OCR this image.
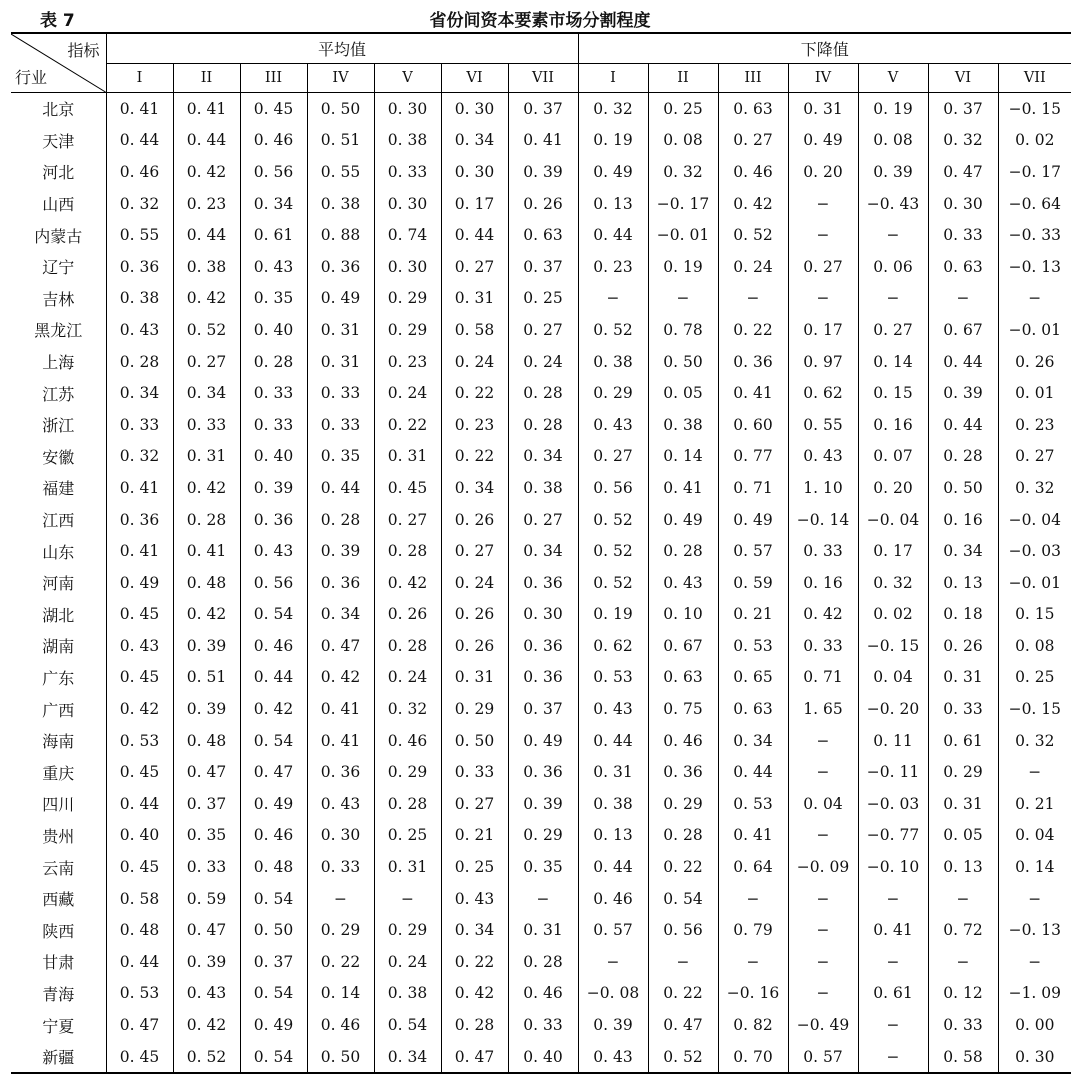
表 7	省份间资本要素市场分割程度
指标
行业	平均值							下降值						
	I	II	III	IV	V	VI	VII	I	II	III	IV	V	VI	VII
北京	0. 41	0. 41	0. 45	0. 50	0. 30	0. 30	0. 37	0. 32	0. 25	0. 63	0. 31	0. 19	0. 37	−0. 15
天津	0. 44	0. 44	0. 46	0. 51	0. 38	0. 34	0. 41	0. 19	0. 08	0. 27	0. 49	0. 08	0. 32	0. 02
河北	0. 46	0. 42	0. 56	0. 55	0. 33	0. 30	0. 39	0. 49	0. 32	0. 46	0. 20	0. 39	0. 47	−0. 17
山西	0. 32	0. 23	0. 34	0. 38	0. 30	0. 17	0. 26	0. 13	−0. 17	0. 42	−	−0. 43	0. 30	−0. 64
内蒙古	0. 55	0. 44	0. 61	0. 88	0. 74	0. 44	0. 63	0. 44	−0. 01	0. 52	−	−	0. 33	−0. 33
辽宁	0. 36	0. 38	0. 43	0. 36	0. 30	0. 27	0. 37	0. 23	0. 19	0. 24	0. 27	0. 06	0. 63	−0. 13
吉林	0. 38	0. 42	0. 35	0. 49	0. 29	0. 31	0. 25	−	−	−	−	−	−	−
黑龙江	0. 43	0. 52	0. 40	0. 31	0. 29	0. 58	0. 27	0. 52	0. 78	0. 22	0. 17	0. 27	0. 67	−0. 01
上海	0. 28	0. 27	0. 28	0. 31	0. 23	0. 24	0. 24	0. 38	0. 50	0. 36	0. 97	0. 14	0. 44	0. 26
江苏	0. 34	0. 34	0. 33	0. 33	0. 24	0. 22	0. 28	0. 29	0. 05	0. 41	0. 62	0. 15	0. 39	0. 01
浙江	0. 33	0. 33	0. 33	0. 33	0. 22	0. 23	0. 28	0. 43	0. 38	0. 60	0. 55	0. 16	0. 44	0. 23
安徽	0. 32	0. 31	0. 40	0. 35	0. 31	0. 22	0. 34	0. 27	0. 14	0. 77	0. 43	0. 07	0. 28	0. 27
福建	0. 41	0. 42	0. 39	0. 44	0. 45	0. 34	0. 38	0. 56	0. 41	0. 71	1. 10	0. 20	0. 50	0. 32
江西	0. 36	0. 28	0. 36	0. 28	0. 27	0. 26	0. 27	0. 52	0. 49	0. 49	−0. 14	−0. 04	0. 16	−0. 04
山东	0. 41	0. 41	0. 43	0. 39	0. 28	0. 27	0. 34	0. 52	0. 28	0. 57	0. 33	0. 17	0. 34	−0. 03
河南	0. 49	0. 48	0. 56	0. 36	0. 42	0. 24	0. 36	0. 52	0. 43	0. 59	0. 16	0. 32	0. 13	−0. 01
湖北	0. 45	0. 42	0. 54	0. 34	0. 26	0. 26	0. 30	0. 19	0. 10	0. 21	0. 42	0. 02	0. 18	0. 15
湖南	0. 43	0. 39	0. 46	0. 47	0. 28	0. 26	0. 36	0. 62	0. 67	0. 53	0. 33	−0. 15	0. 26	0. 08
广东	0. 45	0. 51	0. 44	0. 42	0. 24	0. 31	0. 36	0. 53	0. 63	0. 65	0. 71	0. 04	0. 31	0. 25
广西	0. 42	0. 39	0. 42	0. 41	0. 32	0. 29	0. 37	0. 43	0. 75	0. 63	1. 65	−0. 20	0. 33	−0. 15
海南	0. 53	0. 48	0. 54	0. 41	0. 46	0. 50	0. 49	0. 44	0. 46	0. 34	−	0. 11	0. 61	0. 32
重庆	0. 45	0. 47	0. 47	0. 36	0. 29	0. 33	0. 36	0. 31	0. 36	0. 44	−	−0. 11	0. 29	−
四川	0. 44	0. 37	0. 49	0. 43	0. 28	0. 27	0. 39	0. 38	0. 29	0. 53	0. 04	−0. 03	0. 31	0. 21
贵州	0. 40	0. 35	0. 46	0. 30	0. 25	0. 21	0. 29	0. 13	0. 28	0. 41	−	−0. 77	0. 05	0. 04
云南	0. 45	0. 33	0. 48	0. 33	0. 31	0. 25	0. 35	0. 44	0. 22	0. 64	−0. 09	−0. 10	0. 13	0. 14
西藏	0. 58	0. 59	0. 54	−	−	0. 43	−	0. 46	0. 54	−	−	−	−	−
陕西	0. 48	0. 47	0. 50	0. 29	0. 29	0. 34	0. 31	0. 57	0. 56	0. 79	−	0. 41	0. 72	−0. 13
甘肃	0. 44	0. 39	0. 37	0. 22	0. 24	0. 22	0. 28	−	−	−	−	−	−	−
青海	0. 53	0. 43	0. 54	0. 14	0. 38	0. 42	0. 46	−0. 08	0. 22	−0. 16	−	0. 61	0. 12	−1. 09
宁夏	0. 47	0. 42	0. 49	0. 46	0. 54	0. 28	0. 33	0. 39	0. 47	0. 82	−0. 49	−	0. 33	0. 00
新疆	0. 45	0. 52	0. 54	0. 50	0. 34	0. 47	0. 40	0. 43	0. 52	0. 70	0. 57	−	0. 58	0. 30
